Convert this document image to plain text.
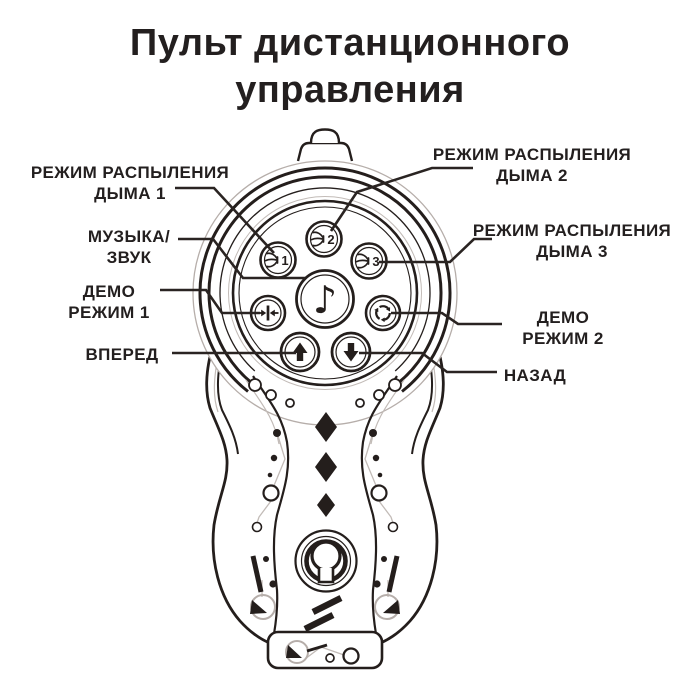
1
2
3
♪
Пульт дистанционного
управления
РЕЖИМ РАСПЫЛЕНИЯ
ДЫМА 1
МУЗЫКА/
ЗВУК
ДЕМО
РЕЖИМ 1
ВПЕРЕД
РЕЖИМ РАСПЫЛЕНИЯ
ДЫМА 2
РЕЖИМ РАСПЫЛЕНИЯ
ДЫМА 3
ДЕМО
РЕЖИМ 2
НАЗАД
